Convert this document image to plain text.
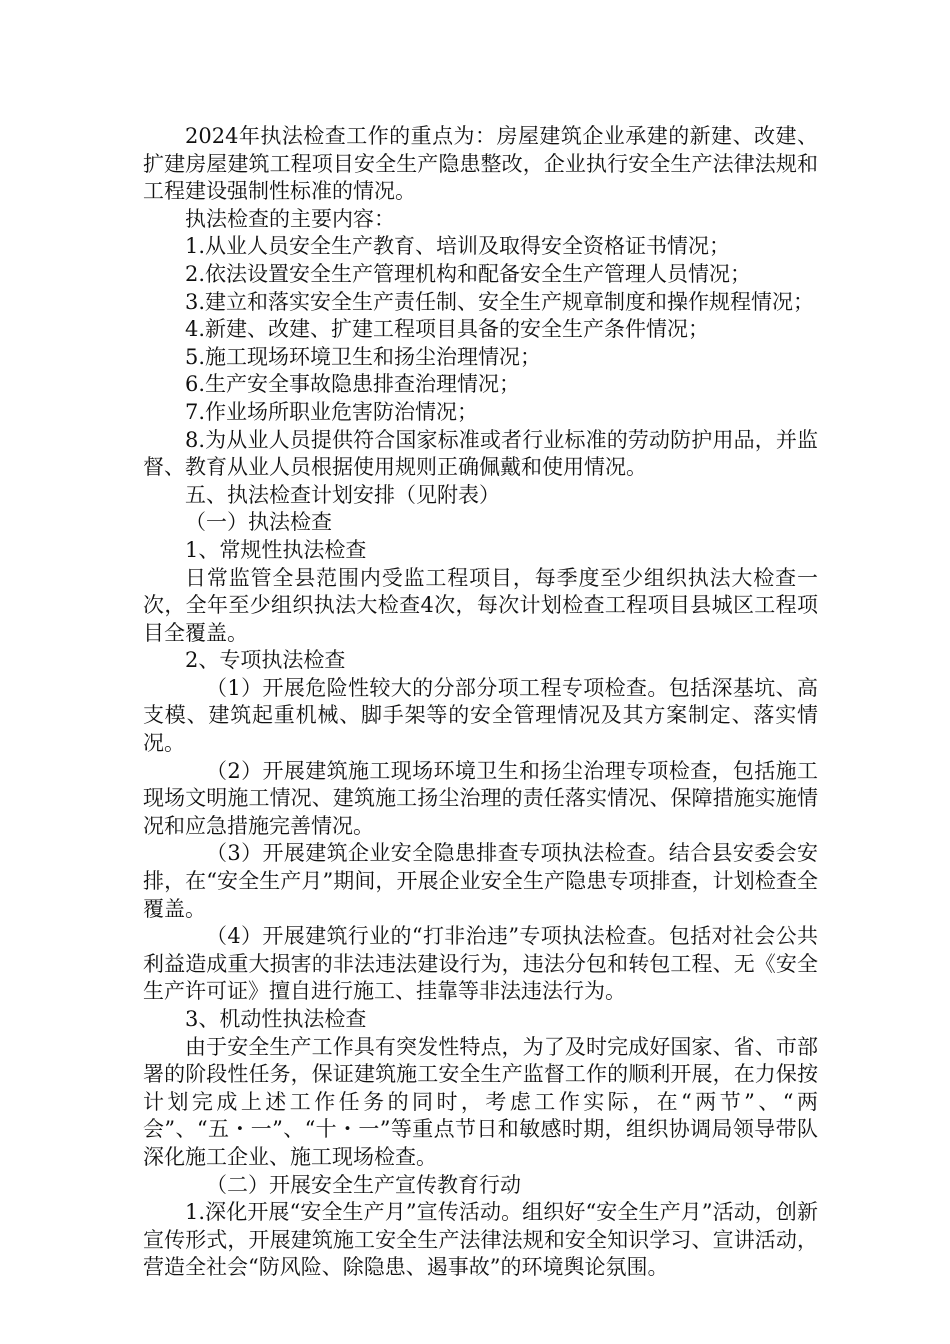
2024年执法检查工作的重点为：房屋建筑企业承建的新建、改建、扩建房屋建筑工程项目安全生产隐患整改，企业执行安全生产法律法规和工程建设强制性标准的情况。

执法检查的主要内容：

1.从业人员安全生产教育、培训及取得安全资格证书情况；

2.依法设置安全生产管理机构和配备安全生产管理人员情况；

3.建立和落实安全生产责任制、安全生产规章制度和操作规程情况；

4.新建、改建、扩建工程项目具备的安全生产条件情况；

5.施工现场环境卫生和扬尘治理情况；

6.生产安全事故隐患排查治理情况；

7.作业场所职业危害防治情况；

8.为从业人员提供符合国家标准或者行业标准的劳动防护用品，并监督、教育从业人员根据使用规则正确佩戴和使用情况。

五、执法检查计划安排（见附表）

（一）执法检查

1、常规性执法检查

日常监管全县范围内受监工程项目，每季度至少组织执法大检查一次，全年至少组织执法大检查4次，每次计划检查工程项目县城区工程项目全覆盖。

2、专项执法检查

（1）开展危险性较大的分部分项工程专项检查。包括深基坑、高支模、建筑起重机械、脚手架等的安全管理情况及其方案制定、落实情况。

（2）开展建筑施工现场环境卫生和扬尘治理专项检查，包括施工现场文明施工情况、建筑施工扬尘治理的责任落实情况、保障措施实施情况和应急措施完善情况。

（3）开展建筑企业安全隐患排查专项执法检查。结合县安委会安排，在“安全生产月”期间，开展企业安全生产隐患专项排查，计划检查全覆盖。

（4）开展建筑行业的“打非治违”专项执法检查。包括对社会公共利益造成重大损害的非法违法建设行为，违法分包和转包工程、无《安全生产许可证》擅自进行施工、挂靠等非法违法行为。

3、机动性执法检查

由于安全生产工作具有突发性特点，为了及时完成好国家、省、市部署的阶段性任务，保证建筑施工安全生产监督工作的顺利开展，在力保按计划完成上述工作任务的同时，考虑工作实际，在“两节”、“两会”、“五・一”、“十・一”等重点节日和敏感时期，组织协调局领导带队深化施工企业、施工现场检查。

（二）开展安全生产宣传教育行动

1.深化开展“安全生产月”宣传活动。组织好“安全生产月”活动，创新宣传形式，开展建筑施工安全生产法律法规和安全知识学习、宣讲活动，营造全社会“防风险、除隐患、遏事故”的环境舆论氛围。
